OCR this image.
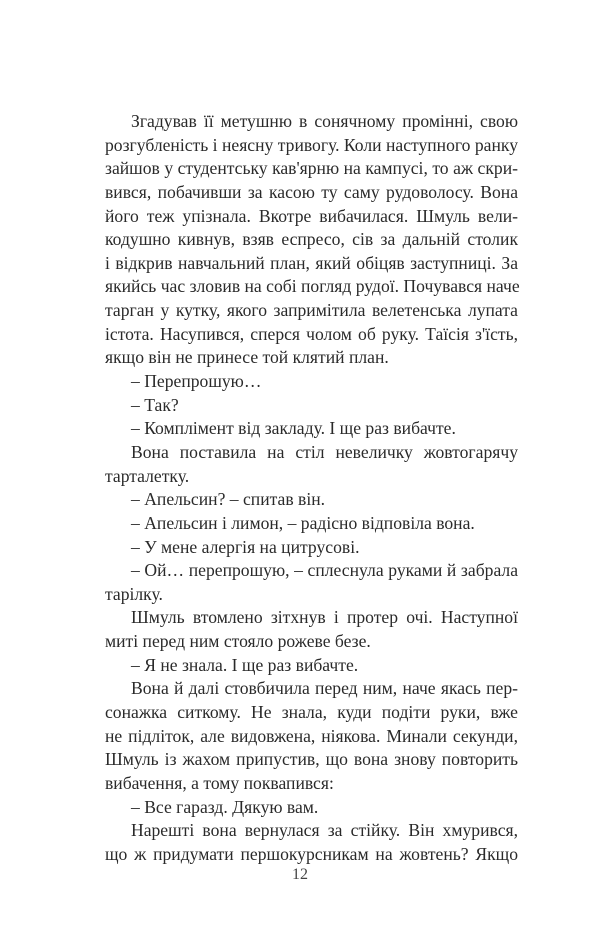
Згадував її метушню в сонячному промінні, свою
розгубленість і неясну тривогу. Коли наступного ранку
зайшов у студентську кав'ярню на кампусі, то аж скри-
вився, побачивши за касою ту саму рудоволосу. Вона
його теж упізнала. Вкотре вибачилася. Шмуль вели-
кодушно кивнув, взяв еспресо, сів за дальній столик
і відкрив навчальний план, який обіцяв заступниці. За
якийсь час зловив на собі погляд рудої. Почувався наче
тарган у кутку, якого запримітила велетенська лупата
істота. Насупився, сперся чолом об руку. Таїсія з'їсть,
якщо він не принесе той клятий план.
– Перепрошую…
– Так?
– Комплімент від закладу. І ще раз вибачте.
Вона поставила на стіл невеличку жовтогарячу
тарталетку.
– Апельсин? – спитав він.
– Апельсин і лимон, – радісно відповіла вона.
– У мене алергія на цитрусові.
– Ой… перепрошую, – сплеснула руками й забрала
тарілку.
Шмуль втомлено зітхнув і протер очі. Наступної
миті перед ним стояло рожеве безе.
– Я не знала. І ще раз вибачте.
Вона й далі стовбичила перед ним, наче якась пер-
сонажка ситкому. Не знала, куди подіти руки, вже
не підліток, але видовжена, ніякова. Минали секунди,
Шмуль із жахом припустив, що вона знову повторить
вибачення, а тому поквапився:
– Все гаразд. Дякую вам.
Нарешті вона вернулася за стійку. Він хмурився,
що ж придумати першокурсникам на жовтень? Якщо
12
